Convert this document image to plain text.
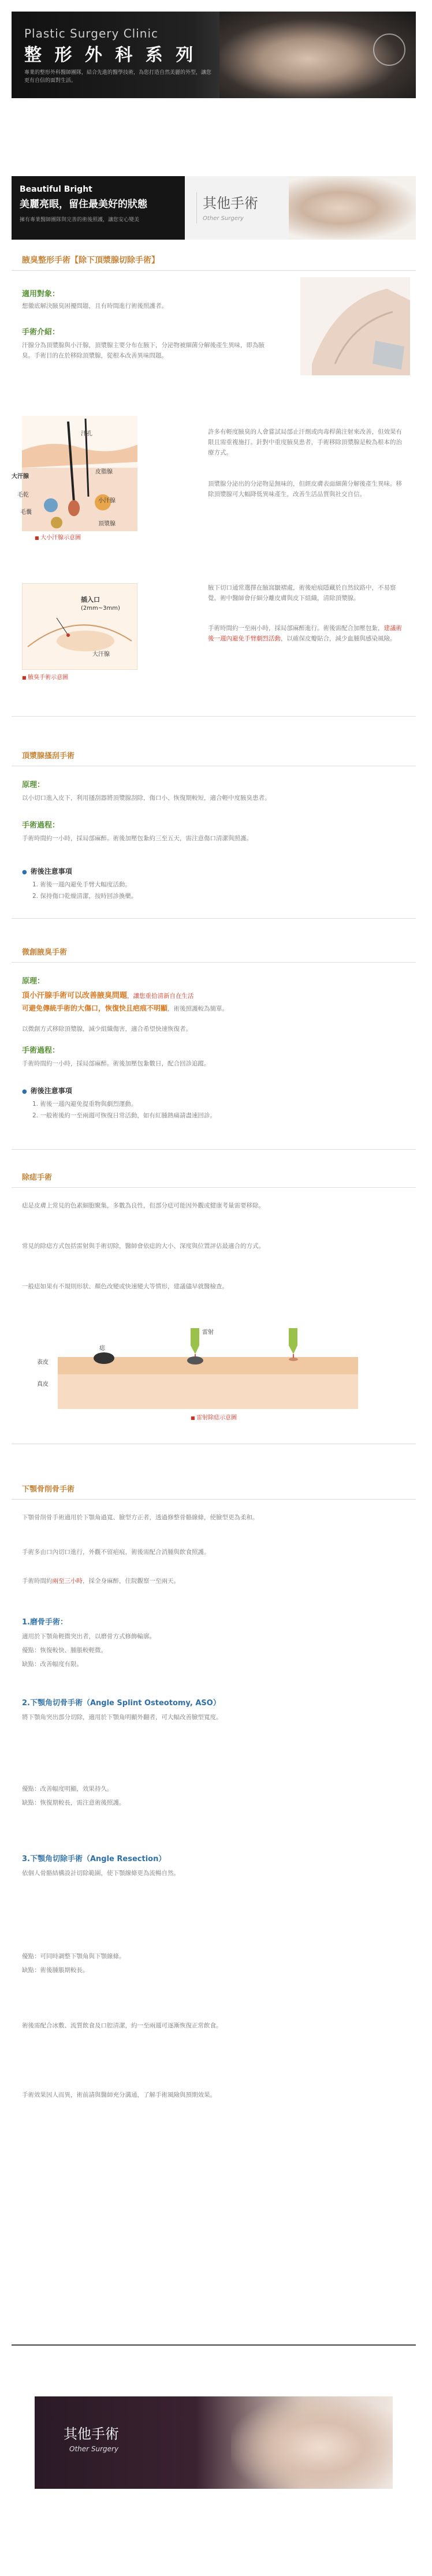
Plastic Surgery Clinic
整 形 外 科 系 列
專業的整形外科醫師團隊，結合先進的醫學技術，為您打造自然美麗的外型，讓您更有自信的面對生活。
Beautiful Bright
美麗亮眼，留住最美好的狀態
擁有專業醫師團隊與完善的術後照護，讓您安心變美
其他手術
Other Surgery
腋臭整形手術【除下頂漿腺切除手術】
適用對象：
想徹底解決腋臭困擾問題，且有時間進行術後照護者。
手術介紹：
汗腺分為頂漿腺與小汗腺，頂漿腺主要分布在腋下，分泌物被細菌分解後產生異味，即為腋臭。手術目的在於移除頂漿腺，從根本改善異味問題。
汗孔
大汗腺
皮脂腺
毛乾
小汗腺
毛囊
頂漿腺
■ 大小汗腺示意圖
許多有輕度腋臭的人會嘗試局部止汗劑或肉毒桿菌注射來改善，但效果有限且需重複施打。針對中重度腋臭患者，手術移除頂漿腺是較為根本的治療方式。
頂漿腺分泌出的分泌物是無味的，但經皮膚表面細菌分解後產生異味。移除頂漿腺可大幅降低異味產生，改善生活品質與社交自信。
插入口
(2mm~3mm)
大汗腺
■ 腋臭手術示意圖
腋下切口通常選擇在腋窩皺褶處，術後疤痕隱藏於自然紋路中，不易察覺。術中醫師會仔細分離皮膚與皮下組織，清除頂漿腺。
手術時間約一至兩小時，採局部麻醉進行。術後需配合加壓包紮，建議術後一週內避免手臂劇烈活動，以確保皮瓣貼合，減少血腫與感染風險。
頂漿腺搔刮手術
原理：
以小切口進入皮下，利用搔刮器將頂漿腺刮除，傷口小、恢復期較短，適合輕中度腋臭患者。
手術過程：
手術時間約一小時，採局部麻醉。術後加壓包紮約三至五天，需注意傷口清潔與照護。
● 術後注意事項
1. 術後一週內避免手臂大幅度活動。
2. 保持傷口乾燥清潔，按時回診換藥。
微創腋臭手術
原理：
頂小汗腺手術可以改善腋臭問題，讓您重拾清新自在生活
可避免傳統手術的大傷口，恢復快且疤痕不明顯，術後照護較為簡單。
以微創方式移除頂漿腺，減少組織傷害，適合希望快速恢復者。
手術過程：
手術時間約一小時，採局部麻醉。術後加壓包紮數日，配合回診追蹤。
● 術後注意事項
1. 術後一週內避免提重物與劇烈運動。
2. 一般術後約一至兩週可恢復日常活動，如有紅腫熱痛請盡速回診。
除痣手術
痣是皮膚上常見的色素細胞聚集，多數為良性，但部分痣可能因外觀或健康考量需要移除。
常見的除痣方式包括雷射與手術切除，醫師會依痣的大小、深度與位置評估最適合的方式。
一般痣如果有不規則形狀、顏色改變或快速變大等情形，建議儘早就醫檢查。
痣
雷射
表皮
真皮
■ 雷射除痣示意圖
下顎骨削骨手術
下顎骨削骨手術適用於下顎角過寬、臉型方正者，透過修整骨骼線條，使臉型更為柔和。
手術多由口內切口進行，外觀不留疤痕，術後需配合消腫與飲食照護。
手術時間約兩至三小時，採全身麻醉，住院觀察一至兩天。
1.磨骨手術：
適用於下顎角輕微突出者，以磨骨方式修飾輪廓。
優點：恢復較快、腫脹較輕微。
缺點：改善幅度有限。
2.下顎角切骨手術（Angle Splint Osteotomy, ASO）
將下顎角突出部分切除，適用於下顎角明顯外翻者，可大幅改善臉型寬度。
優點：改善幅度明顯，效果持久。
缺點：恢復期較長，需注意術後照護。
3.下顎角切除手術（Angle Resection）
依個人骨骼結構設計切除範圍，使下顎線條更為流暢自然。
優點：可同時調整下顎角與下顎線條。
缺點：術後腫脹期較長。
術後需配合冰敷、流質飲食及口腔清潔，約一至兩週可逐漸恢復正常飲食。
手術效果因人而異，術前請與醫師充分溝通，了解手術風險與預期效果。
其他手術
Other Surgery
